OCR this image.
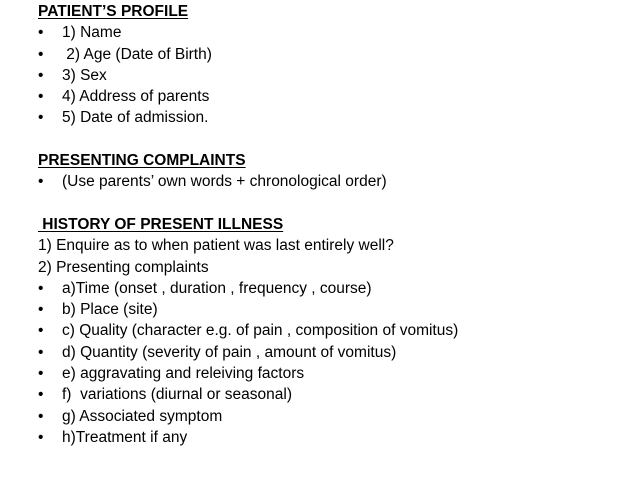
PATIENT’S PROFILE
•	1) Name
•	2) Age (Date of Birth)
•	3) Sex
•	4) Address of parents
•	5) Date of admission.
PRESENTING COMPLAINTS
•	(Use parents’ own words + chronological order)
HISTORY OF PRESENT ILLNESS
1) Enquire as to when patient was last entirely well?
2) Presenting complaints
•	a)Time (onset , duration , frequency , course)
•	b) Place (site)
•	c) Quality (character e.g. of pain , composition of vomitus)
•	d) Quantity (severity of pain , amount of vomitus)
•	e) aggravating and releiving factors
•	f)  variations (diurnal or seasonal)
•	g) Associated symptom
•	h)Treatment if any
